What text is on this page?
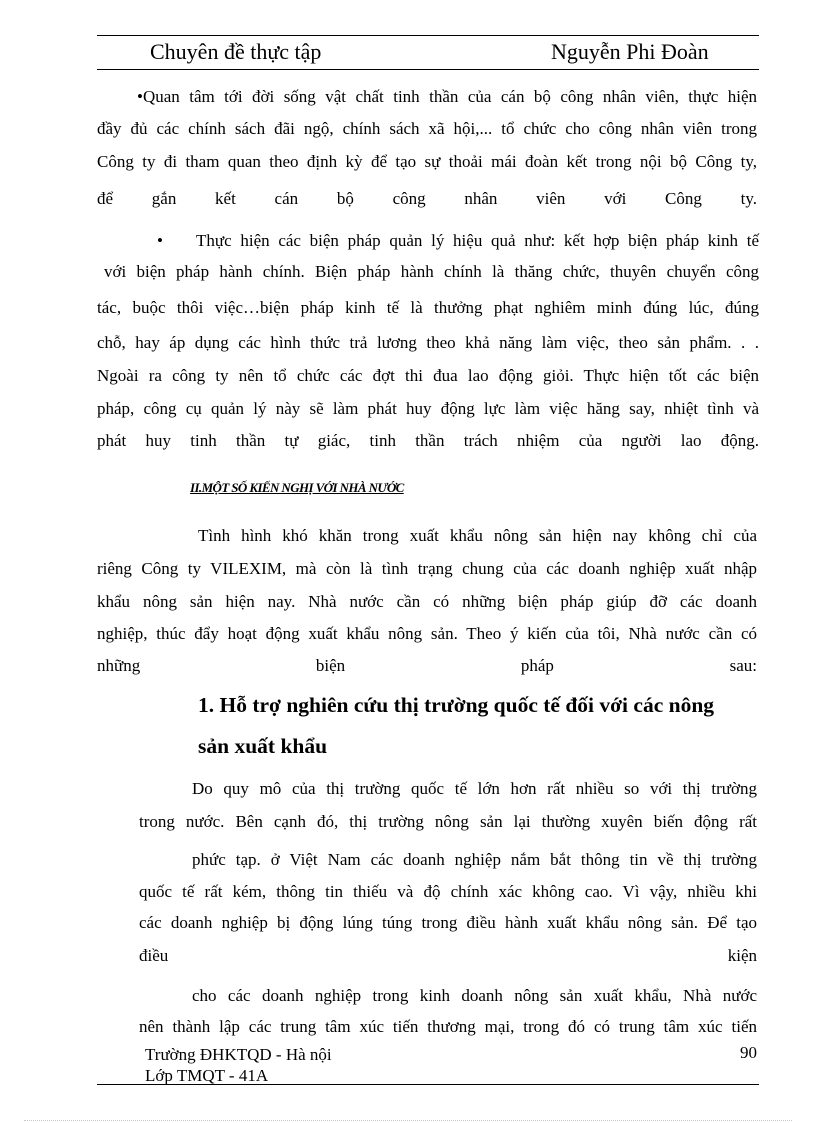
Chuyên đề thực tập	Nguyễn Phi Đoàn
•Quan tâm tới đời sống vật chất tinh thần của cán bộ công nhân viên, thực hiện
đầy đủ các chính sách đãi ngộ, chính sách xã hội,... tổ chức cho công nhân viên trong
Công ty đi tham quan theo định kỳ để tạo sự thoải mái đoàn kết trong nội bộ Công ty,
để gắn kết cán bộ công nhân viên với Công ty.
• Thực hiện các biện pháp quản lý hiệu quả như: kết hợp biện pháp kinh tế
với biện pháp hành chính. Biện pháp hành chính là thăng chức, thuyên chuyển công
tác, buộc thôi việc…biện pháp kinh tế là thưởng phạt nghiêm minh đúng lúc, đúng
chỗ, hay áp dụng các hình thức trả lương theo khả năng làm việc, theo sản phẩm. . .
Ngoài ra công ty nên tổ chức các đợt thi đua lao động giỏi. Thực hiện tốt các biện
pháp, công cụ quản lý này sẽ làm phát huy động lực làm việc hăng say, nhiệt tình và
phát huy tinh thần tự giác, tinh thần trách nhiệm của người lao động.
II.MỘT SỐ KIẾN NGHỊ VỚI NHÀ NƯỚC
Tình hình khó khăn trong xuất khẩu nông sản hiện nay không chỉ của
riêng Công ty VILEXIM, mà còn là tình trạng chung của các doanh nghiệp xuất nhập
khẩu nông sản hiện nay. Nhà nước cần có những biện pháp giúp đỡ các doanh
nghiệp, thúc đẩy hoạt động xuất khẩu nông sản. Theo ý kiến của tôi, Nhà nước cần có
những biện pháp sau:
1. Hỗ trợ nghiên cứu thị trường quốc tế đối với các nông
sản xuất khẩu
Do quy mô của thị trường quốc tế lớn hơn rất nhiều so với thị trường
trong nước. Bên cạnh đó, thị trường nông sản lại thường xuyên biến động rất
phức tạp. ở Việt Nam các doanh nghiệp nắm bắt thông tin về thị trường
quốc tế rất kém, thông tin thiếu và độ chính xác không cao. Vì vậy, nhiều khi
các doanh nghiệp bị động lúng túng trong điều hành xuất khẩu nông sản. Để tạo
điều kiện
cho các doanh nghiệp trong kinh doanh nông sản xuất khẩu, Nhà nước
nên thành lập các trung tâm xúc tiến thương mại, trong đó có trung tâm xúc tiến
Trường ĐHKTQD - Hà nội	90
Lớp TMQT - 41A
